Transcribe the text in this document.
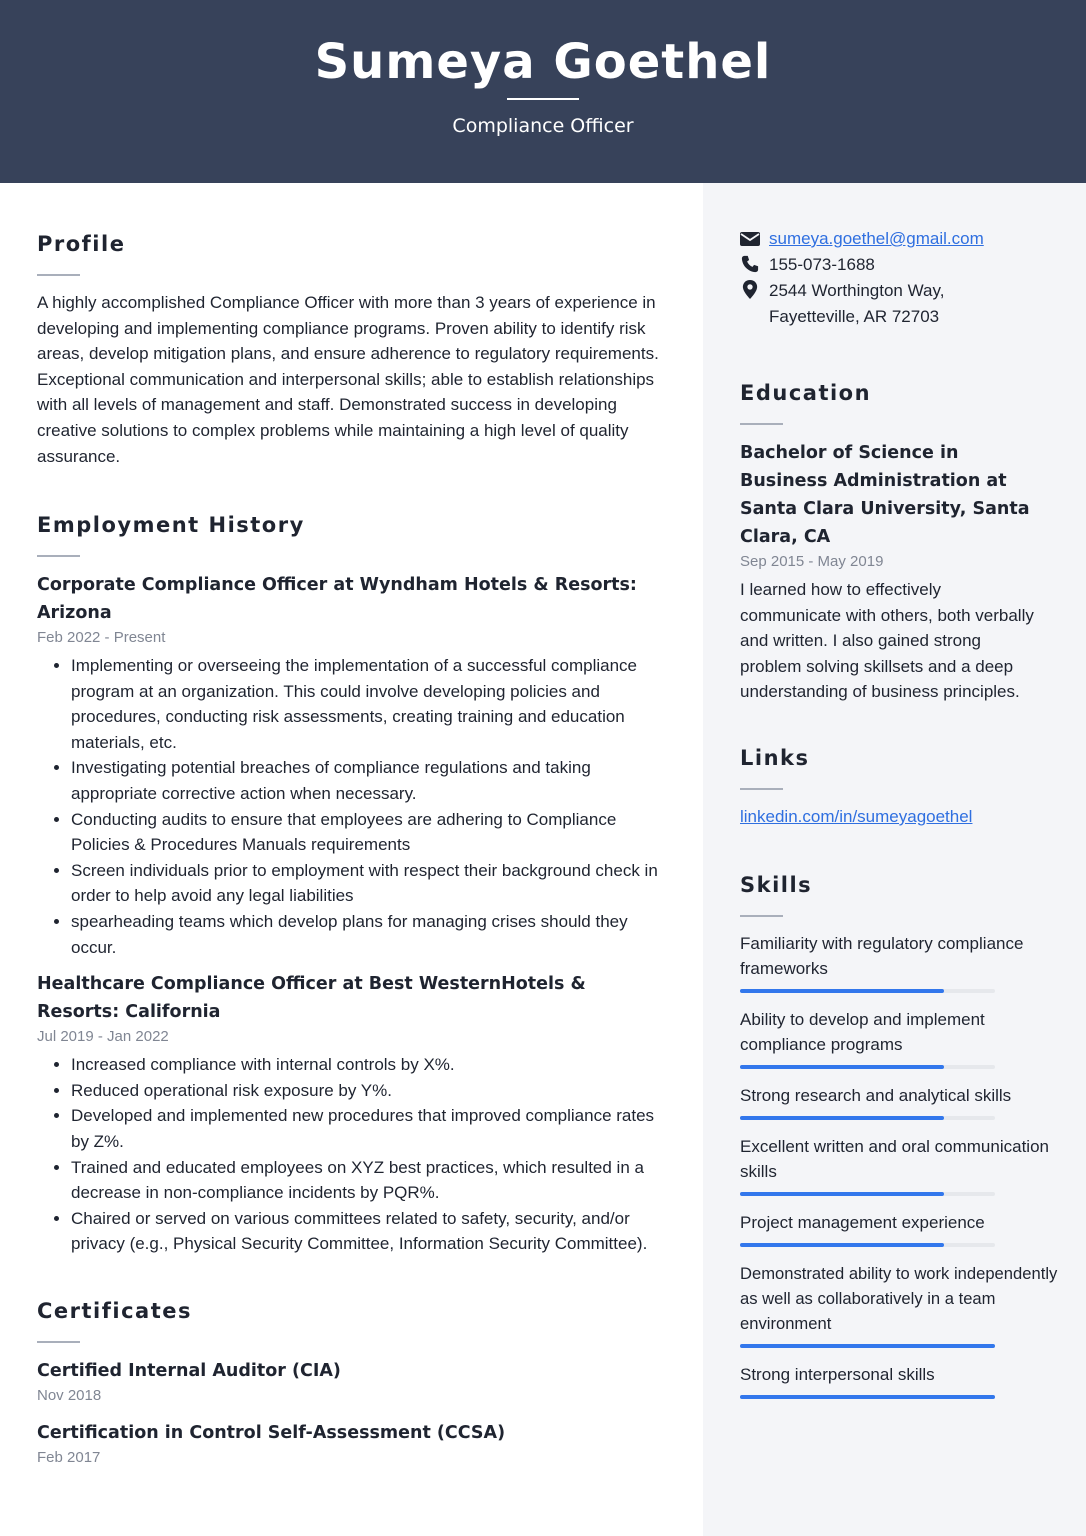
Sumeya Goethel
Compliance Officer
Profile

A highly accomplished Compliance Officer with more than 3 years of experience in developing and implementing compliance programs. Proven ability to identify risk areas, develop mitigation plans, and ensure adherence to regulatory requirements. Exceptional communication and interpersonal skills; able to establish relationships with all levels of management and staff. Demonstrated success in developing creative solutions to complex problems while maintaining a high level of quality assurance.

Employment History

Corporate Compliance Officer at Wyndham Hotels & Resorts: Arizona

Feb 2022 - Present

• Implementing or overseeing the implementation of a successful compliance program at an organization. This could involve developing policies and procedures, conducting risk assessments, creating training and education materials, etc.
• Investigating potential breaches of compliance regulations and taking appropriate corrective action when necessary.
• Conducting audits to ensure that employees are adhering to Compliance Policies & Procedures Manuals requirements
• Screen individuals prior to employment with respect their background check in order to help avoid any legal liabilities
• spearheading teams which develop plans for managing crises should they occur.

Healthcare Compliance Officer at Best WesternHotels & Resorts: California

Jul 2019 - Jan 2022

• Increased compliance with internal controls by X%.
• Reduced operational risk exposure by Y%.
• Developed and implemented new procedures that improved compliance rates by Z%.
• Trained and educated employees on XYZ best practices, which resulted in a decrease in non-compliance incidents by PQR%.
• Chaired or served on various committees related to safety, security, and/or privacy (e.g., Physical Security Committee, Information Security Committee).
Certificates

Certified Internal Auditor (CIA)

Nov 2018

Certification in Control Self-Assessment (CCSA)

Feb 2017

sumeya.goethel@gmail.com
155-073-1688
2544 Worthington Way,
Fayetteville, AR 72703
Education

Bachelor of Science in Business Administration at Santa Clara University, Santa Clara, CA

Sep 2015 - May 2019

I learned how to effectively communicate with others, both verbally and written. I also gained strong problem solving skillsets and a deep understanding of business principles.

Links
linkedin.com/in/sumeyagoethel
Skills
Familiarity with regulatory compliance frameworks
Ability to develop and implement compliance programs
Strong research and analytical skills
Excellent written and oral communication skills
Project management experience
Demonstrated ability to work independently as well as collaboratively in a team environment
Strong interpersonal skills
